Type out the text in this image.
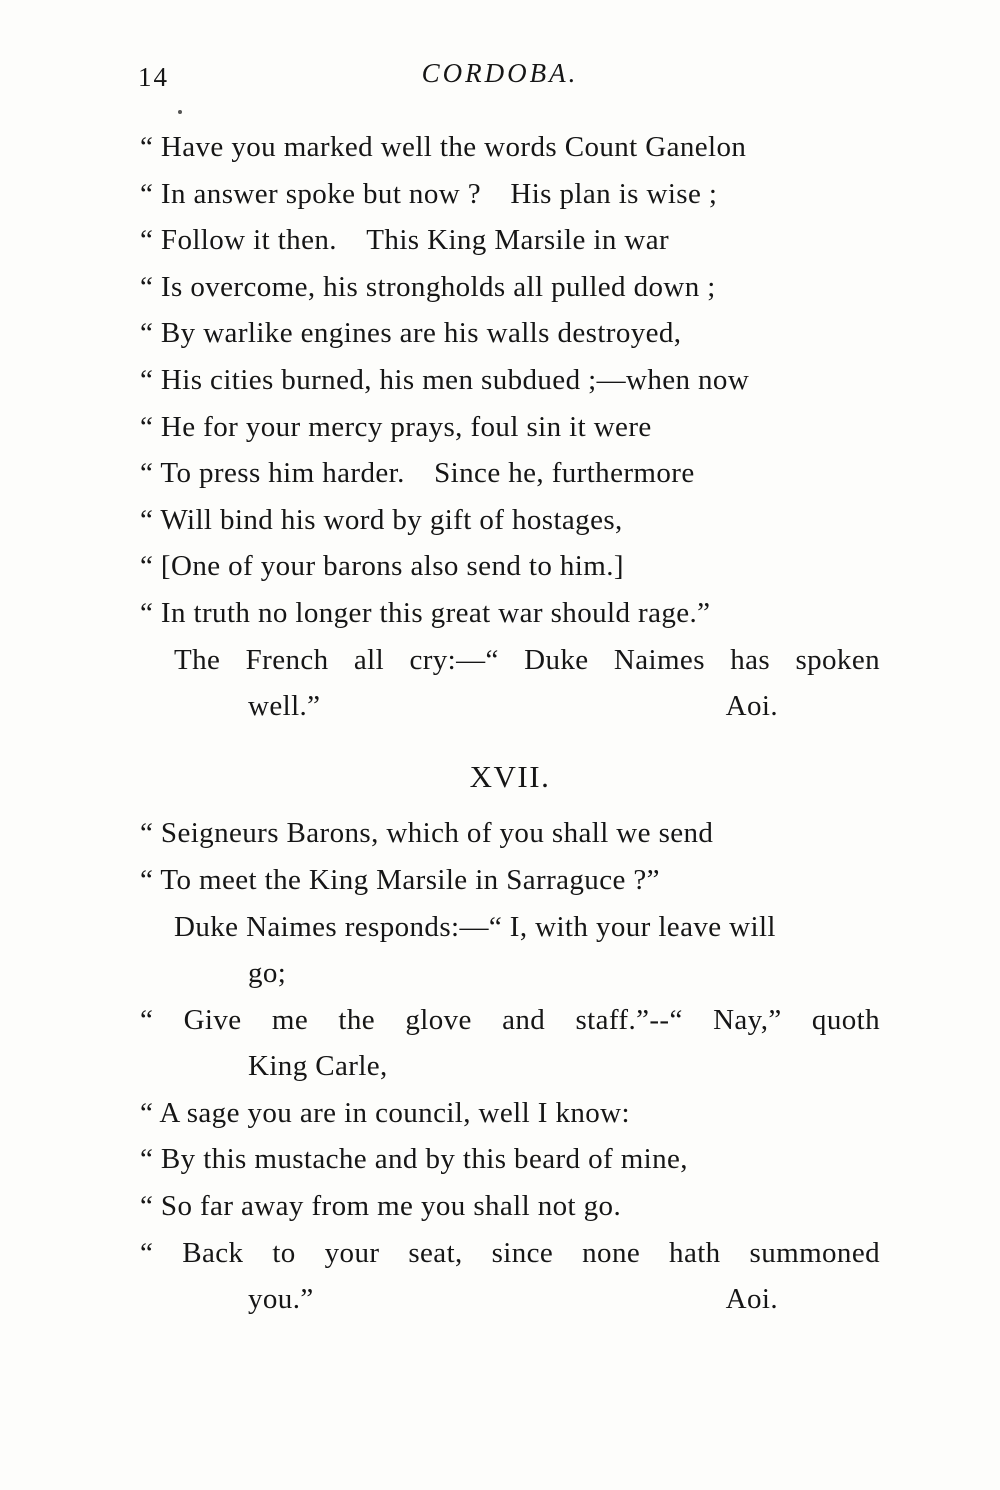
14	CORDOBA.
“ Have you marked well the words Count Ganelon
“ In answer spoke but now ? His plan is wise ;
“ Follow it then. This King Marsile in war
“ Is overcome, his strongholds all pulled down ;
“ By warlike engines are his walls destroyed,
“ His cities burned, his men subdued ;—when now
“ He for your mercy prays, foul sin it were
“ To press him harder. Since he, furthermore
“ Will bind his word by gift of hostages,
“ [One of your barons also send to him.]
“ In truth no longer this great war should rage.”
The French all cry:—“ Duke Naimes has spoken
well.”	Aoi.
XVII.
“ Seigneurs Barons, which of you shall we send
“ To meet the King Marsile in Sarraguce ?”
Duke Naimes responds:—“ I, with your leave will
go;
“ Give me the glove and staff.”--“ Nay,” quoth
King Carle,
“ A sage you are in council, well I know:
“ By this mustache and by this beard of mine,
“ So far away from me you shall not go.
“ Back to your seat, since none hath summoned
you.”	Aoi.
